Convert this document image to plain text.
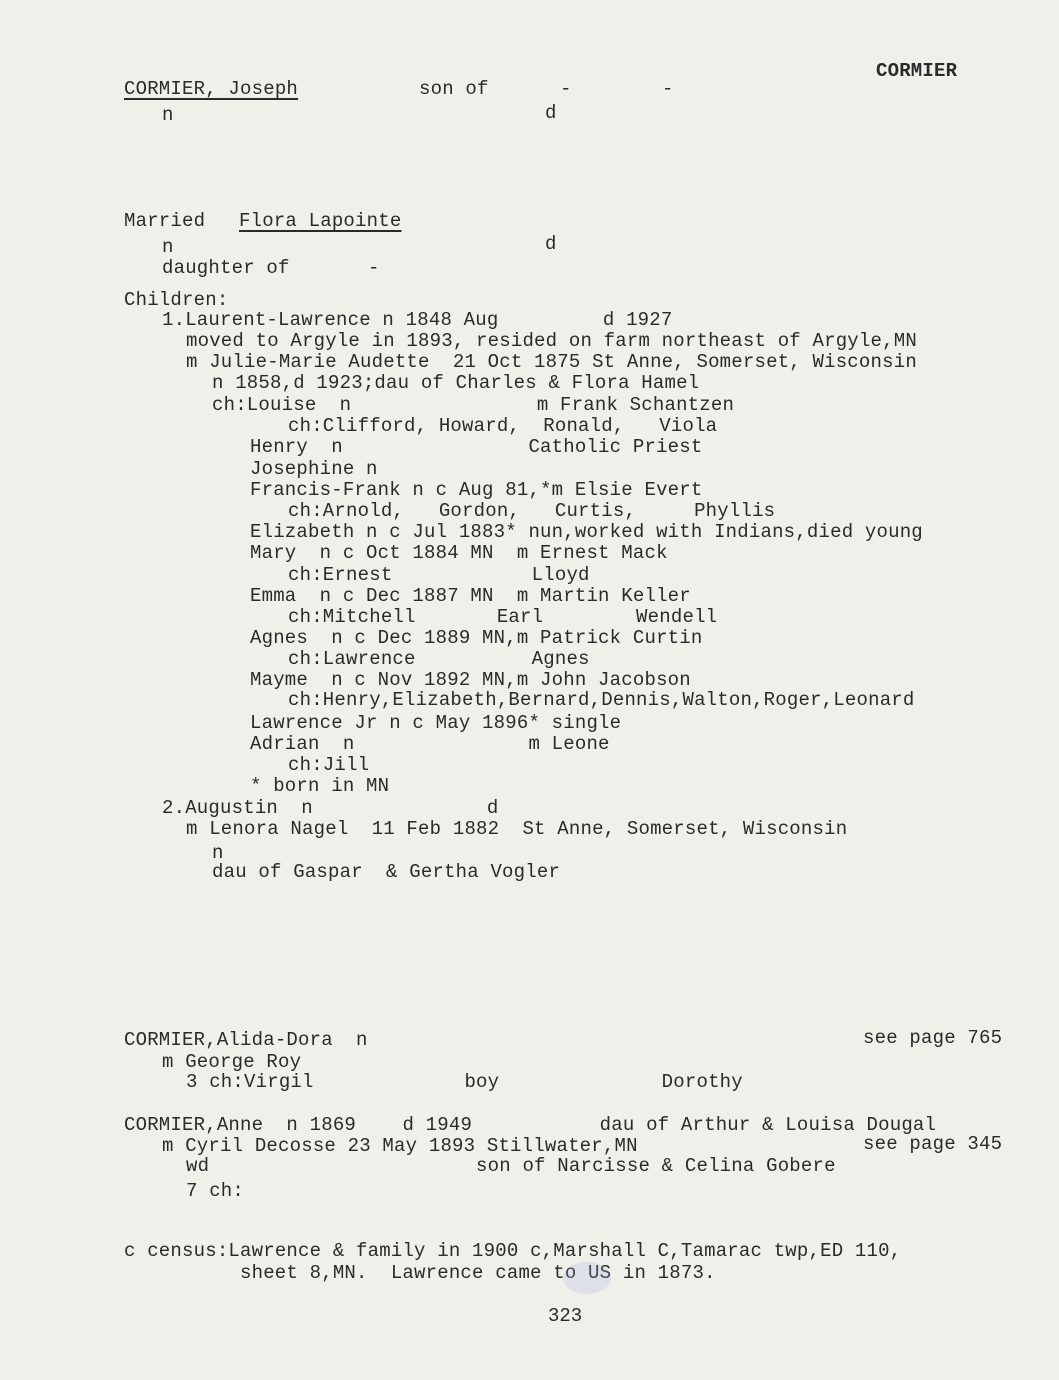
CORMIER
CORMIER, Joseph	son of	-	-
n	d
Married Flora Lapointe
n	d
daughter of	-
Children:
1.Laurent-Lawrence n 1848 Aug         d 1927
moved to Argyle in 1893, resided on farm northeast of Argyle,MN
m Julie-Marie Audette  21 Oct 1875 St Anne, Somerset, Wisconsin
n 1858,d 1923;dau of Charles & Flora Hamel
ch:Louise  n                m Frank Schantzen
ch:Clifford, Howard,  Ronald,   Viola
Henry  n                Catholic Priest
Josephine n
Francis-Frank n c Aug 81,*m Elsie Evert
ch:Arnold,   Gordon,   Curtis,     Phyllis
Elizabeth n c Jul 1883* nun,worked with Indians,died young
Mary  n c Oct 1884 MN  m Ernest Mack
ch:Ernest            Lloyd
Emma  n c Dec 1887 MN  m Martin Keller
ch:Mitchell       Earl        Wendell
Agnes  n c Dec 1889 MN,m Patrick Curtin
ch:Lawrence          Agnes
Mayme  n c Nov 1892 MN,m John Jacobson
ch:Henry,Elizabeth,Bernard,Dennis,Walton,Roger,Leonard
Lawrence Jr n c May 1896* single
Adrian  n               m Leone
ch:Jill
* born in MN
2.Augustin  n               d
m Lenora Nagel  11 Feb 1882  St Anne, Somerset, Wisconsin
n
dau of Gaspar  & Gertha Vogler
CORMIER,Alida-Dora  n	see page 765
m George Roy
3 ch:Virgil             boy              Dorothy
CORMIER,Anne  n 1869    d 1949           dau of Arthur & Louisa Dougal
m Cyril Decosse 23 May 1893 Stillwater,MN	see page 345
wd                       son of Narcisse & Celina Gobere
7 ch:
c census:Lawrence & family in 1900 c,Marshall C,Tamarac twp,ED 110,
sheet 8,MN.  Lawrence came to US in 1873.
323
